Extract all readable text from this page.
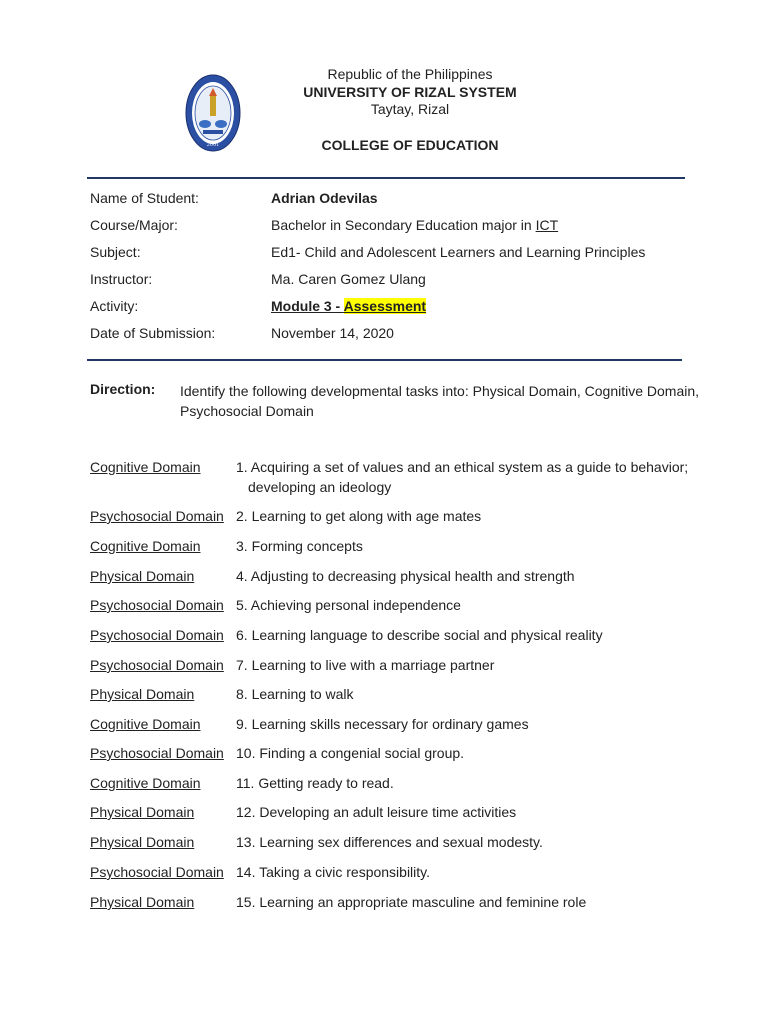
2001
Republic of the Philippines
UNIVERSITY OF RIZAL SYSTEM
Taytay, Rizal
COLLEGE OF EDUCATION
Name of Student:	Adrian Odevilas
Course/Major:	Bachelor in Secondary Education major in ICT
Subject:	Ed1- Child and Adolescent Learners and Learning Principles
Instructor:	Ma. Caren Gomez Ulang
Activity:	Module 3 - Assessment
Date of Submission:	November 14, 2020
Direction: Identify the following developmental tasks into: Physical Domain, Cognitive Domain, Psychosocial Domain
Cognitive Domain	1. Acquiring a set of values and an ethical system as a guide to behavior;
developing an ideology
Psychosocial Domain 2. Learning to get along with age mates
Cognitive Domain	3. Forming concepts
Physical Domain	4. Adjusting to decreasing physical health and strength
Psychosocial Domain 5. Achieving personal independence
Psychosocial Domain 6. Learning language to describe social and physical reality
Psychosocial Domain 7. Learning to live with a marriage partner
Physical Domain	8. Learning to walk
Cognitive Domain	9. Learning skills necessary for ordinary games
Psychosocial Domain 10. Finding a congenial social group.
Cognitive Domain	11. Getting ready to read.
Physical Domain	12. Developing an adult leisure time activities
Physical Domain	13. Learning sex differences and sexual modesty.
Psychosocial Domain 14. Taking a civic responsibility.
Physical Domain	15. Learning an appropriate masculine and feminine role
